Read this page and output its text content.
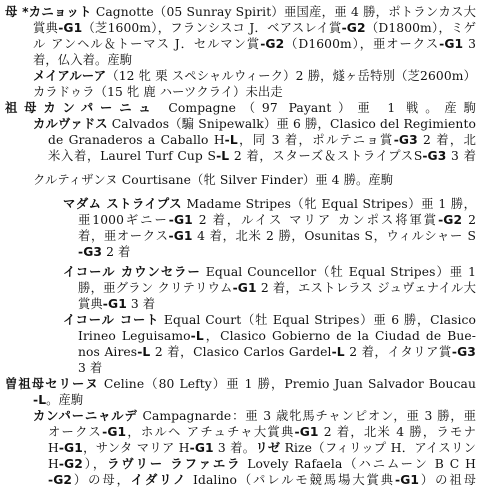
母 *カニョット Cagnotte（05 Sunray Spirit）亜国産，亜 4 勝，ポトランカス大
賞典-G1（芝1600m），フランシスコ J．ベアスレイ賞-G2（D1800m），ミゲ
ル アンヘル＆トーマス J．セルマン賞-G2（D1600m），亜オークス-G1 3
着，仏入着。産駒
メイアルーア（12 牝 栗 スペシャルウィーク）2 勝，燧ヶ岳特別（芝2600m）
カラドゥラ（15 牝 鹿 ハーツクライ）未出走
祖母カンパーニュ Compagne（97 Payant）亜 1 戦。産駒
カルヴァドス Calvados（騸 Snipewalk）亜 6 勝，Clasico del Regimiento
de Granaderos a Caballo H-L，同 3 着，ポルテニョ賞-G3 2 着，北
米入着，Laurel Turf Cup S-L 2 着，スターズ＆ストライプスS-G3 3 着
クルティザンヌ Courtisane（牝 Silver Finder）亜 4 勝。産駒
マダム ストライプス Madame Stripes（牝 Equal Stripes）亜 1 勝，
亜1000ギニー-G1 2 着，ルイス マリア カンポス将軍賞-G2 2
着，亜オークス-G1 4 着，北米 2 勝，Osunitas S，ウィルシャー S
-G3 2 着
イコール カウンセラー Equal Councellor（牡 Equal Stripes）亜 1
勝，亜グラン クリテリウム-G1 2 着，エストレラス ジュヴェナイル大
賞典-G1 3 着
イコール コート Equal Court（牡 Equal Stripes）亜 6 勝，Clasico
Irineo Leguisamo-L，Clasico Gobierno de la Ciudad de Bue-
nos Aires-L 2 着，Clasico Carlos Gardel-L 2 着，イタリア賞-G3
3 着
曽祖母セリーヌ Celine（80 Lefty）亜 1 勝，Premio Juan Salvador Boucau
-L。産駒
カンパーニャルデ Campagnarde：亜 3 歳牝馬チャンピオン，亜 3 勝，亜
オークス-G1，ホルヘ アチュチャ大賞典-G1 2 着，北米 4 勝，ラモナ
H-G1，サンタ マリア H-G1 3 着。リゼ Rize（フィリップ H．アイスリン
H-G2），ラヴリー ラファエラ Lovely Rafaela（ハニムーン B C H
-G2）の母，イダリノ Idalino（パレルモ競馬場大賞典-G1）の祖母
